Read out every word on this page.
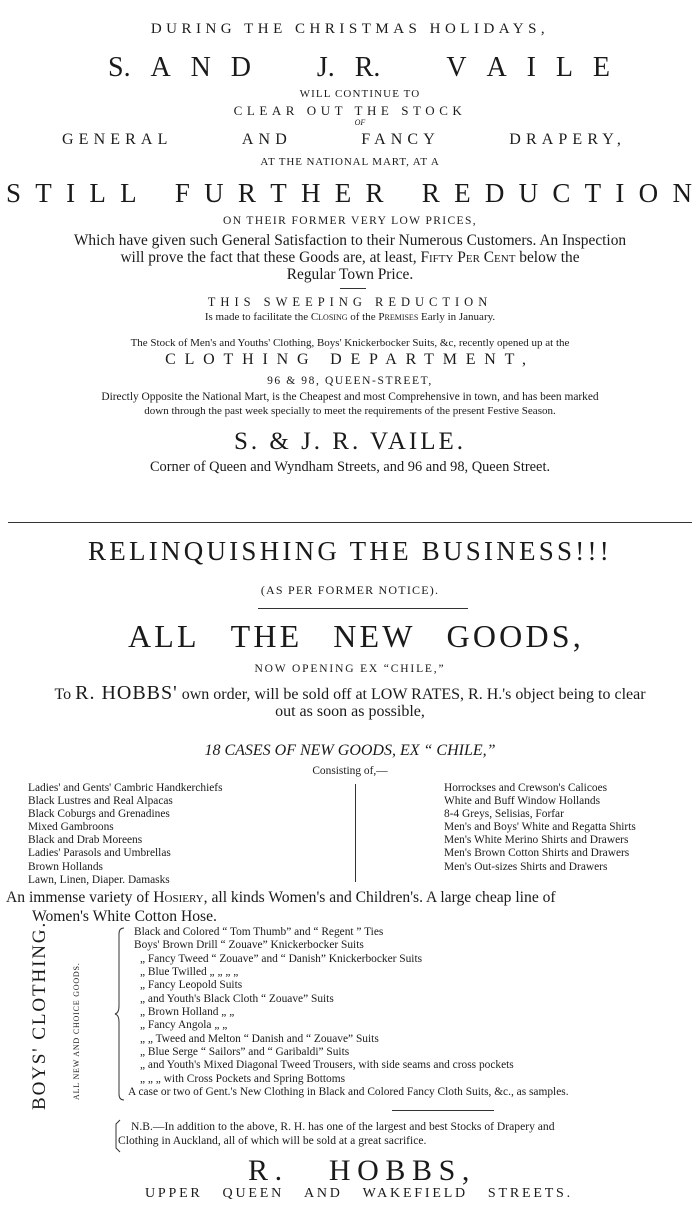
DURING THE CHRISTMAS HOLIDAYS,
S. A N D J. R. V A I L E
WILL CONTINUE TO
CLEAR OUT THE STOCK
OF
GENERAL	AND	FANCY	DRAPERY,
AT THE NATIONAL MART, AT A
S T I L L F U R T H E R R E D U C T I O N
ON THEIR FORMER VERY LOW PRICES,
Which have given such General Satisfaction to their Numerous Customers. An Inspection
will prove the fact that these Goods are, at least, Fifty Per Cent below the
Regular Town Price.
THIS SWEEPING REDUCTION
Is made to facilitate the Closing of the Premises Early in January.
The Stock of Men's and Youths' Clothing, Boys' Knickerbocker Suits, &c, recently opened up at the
CLOTHING DEPARTMENT,
96 & 98, QUEEN-STREET,
Directly Opposite the National Mart, is the Cheapest and most Comprehensive in town, and has been marked
down through the past week specially to meet the requirements of the present Festive Season.
S. & J. R. VAILE.
Corner of Queen and Wyndham Streets, and 96 and 98, Queen Street.
RELINQUISHING THE BUSINESS!!!
(AS PER FORMER NOTICE).
ALL THE NEW GOODS,
NOW OPENING EX “CHILE,”
To R. HOBBS' own order, will be sold off at LOW RATES, R. H.'s object being to clear
out as soon as possible,
18 CASES OF NEW GOODS, EX “ CHILE,”
Consisting of,—
Ladies' and Gents' Cambric Handkerchiefs
Black Lustres and Real Alpacas
Black Coburgs and Grenadines
Mixed Gambroons
Black and Drab Moreens
Ladies' Parasols and Umbrellas
Brown Hollands
Lawn, Linen, Diaper. Damasks
Horrockses and Crewson's Calicoes
White and Buff Window Hollands
8-4 Greys, Selisias, Forfar
Men's and Boys' White and Regatta Shirts
Men's White Merino Shirts and Drawers
Men's Brown Cotton Shirts and Drawers
Men's Out-sizes Shirts and Drawers
An immense variety of Hosiery, all kinds Women's and Children's. A large cheap line of
Women's White Cotton Hose.
BOYS' CLOTHING.	ALL NEW AND CHOICE GOODS.
Black and Colored “ Tom Thumb” and “ Regent ” Ties
Boys' Brown Drill “ Zouave” Knickerbocker Suits
„ Fancy Tweed “ Zouave” and “ Danish” Knickerbocker Suits
„ Blue Twilled „ „ „ „
„ Fancy Leopold Suits
„ and Youth's Black Cloth “ Zouave” Suits
„ Brown Holland „ „
„ Fancy Angola „ „
„ „ Tweed and Melton “ Danish and “ Zouave” Suits
„ Blue Serge “ Sailors” and “ Garibaldi” Suits
„ and Youth's Mixed Diagonal Tweed Trousers, with side seams and cross pockets
„ „ „ with Cross Pockets and Spring Bottoms
A case or two of Gent.'s New Clothing in Black and Colored Fancy Cloth Suits, &c., as samples.
N.B.—In addition to the above, R. H. has one of the largest and best Stocks of Drapery and
Clothing in Auckland, all of which will be sold at a great sacrifice.
R. HOBBS,
UPPER QUEEN AND WAKEFIELD STREETS.
